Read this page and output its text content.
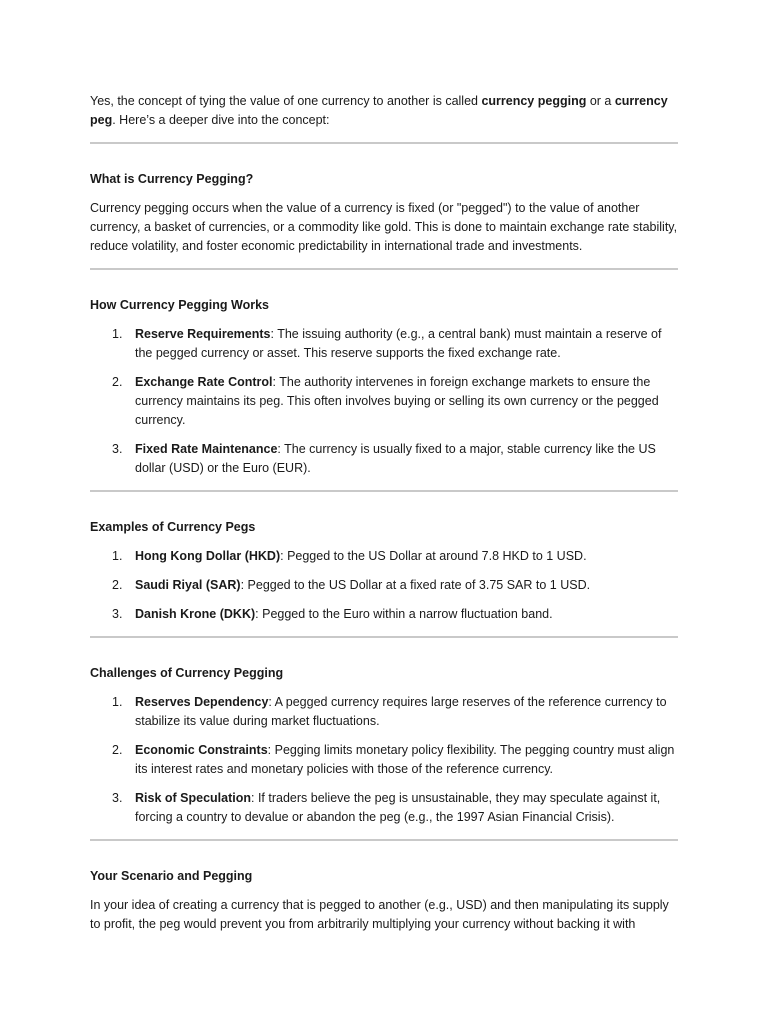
Yes, the concept of tying the value of one currency to another is called currency pegging or a currency peg. Here’s a deeper dive into the concept:

What is Currency Pegging?

Currency pegging occurs when the value of a currency is fixed (or "pegged") to the value of another currency, a basket of currencies, or a commodity like gold. This is done to maintain exchange rate stability, reduce volatility, and foster economic predictability in international trade and investments.

How Currency Pegging Works
1. Reserve Requirements: The issuing authority (e.g., a central bank) must maintain a reserve of the pegged currency or asset. This reserve supports the fixed exchange rate.
2. Exchange Rate Control: The authority intervenes in foreign exchange markets to ensure the currency maintains its peg. This often involves buying or selling its own currency or the pegged currency.
3. Fixed Rate Maintenance: The currency is usually fixed to a major, stable currency like the US dollar (USD) or the Euro (EUR).
Examples of Currency Pegs
1. Hong Kong Dollar (HKD): Pegged to the US Dollar at around 7.8 HKD to 1 USD.
2. Saudi Riyal (SAR): Pegged to the US Dollar at a fixed rate of 3.75 SAR to 1 USD.
3. Danish Krone (DKK): Pegged to the Euro within a narrow fluctuation band.
Challenges of Currency Pegging
1. Reserves Dependency: A pegged currency requires large reserves of the reference currency to stabilize its value during market fluctuations.
2. Economic Constraints: Pegging limits monetary policy flexibility. The pegging country must align its interest rates and monetary policies with those of the reference currency.
3. Risk of Speculation: If traders believe the peg is unsustainable, they may speculate against it, forcing a country to devalue or abandon the peg (e.g., the 1997 Asian Financial Crisis).
Your Scenario and Pegging

In your idea of creating a currency that is pegged to another (e.g., USD) and then manipulating its supply to profit, the peg would prevent you from arbitrarily multiplying your currency without backing it with
